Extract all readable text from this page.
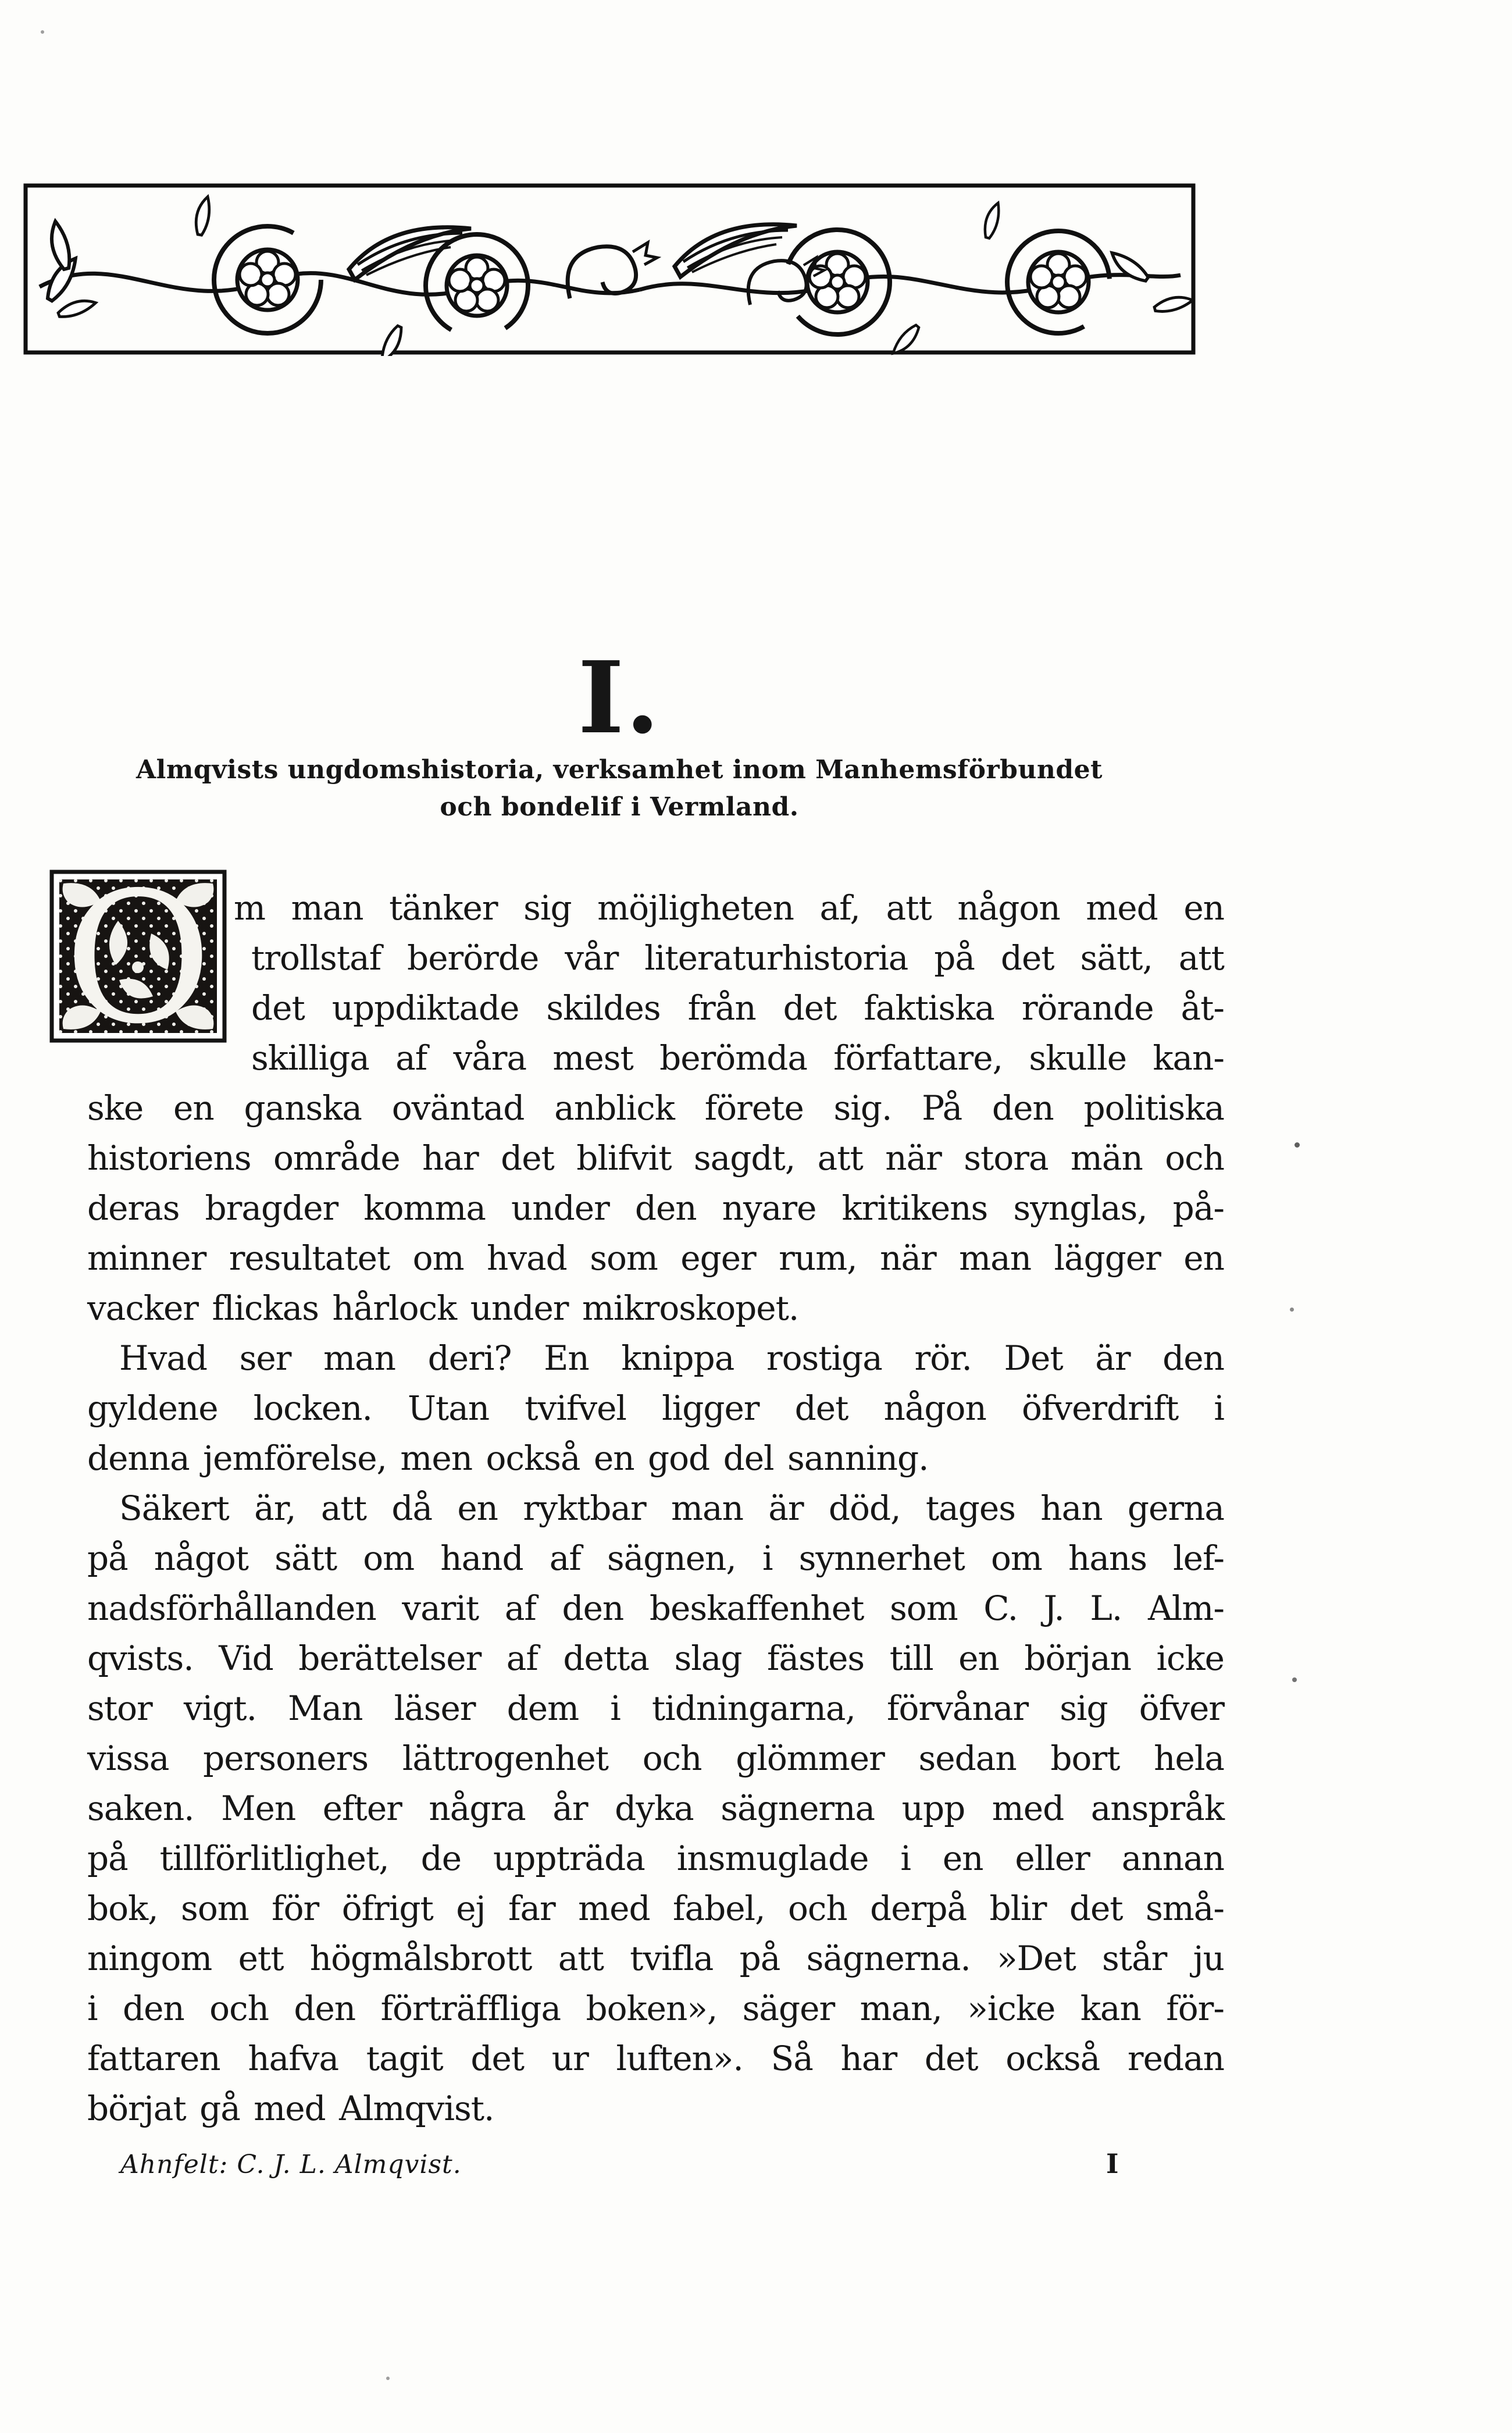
I.
Almqvists ungdomshistoria, verksamhet inom Manhemsförbundet
och bondelif i Vermland.
O m man tänker sig möjligheten af, att någon med en
trollstaf berörde vår literaturhistoria på det sätt, att
det uppdiktade skildes från det faktiska rörande åt-
skilliga af våra mest berömda författare, skulle kan-
ske en ganska oväntad anblick förete sig. På den politiska
historiens område har det blifvit sagdt, att när stora män och
deras bragder komma under den nyare kritikens synglas, på-
minner resultatet om hvad som eger rum, när man lägger en
vacker flickas hårlock under mikroskopet.
Hvad ser man deri? En knippa rostiga rör. Det är den
gyldene locken. Utan tvifvel ligger det någon öfverdrift i
denna jemförelse, men också en god del sanning.
Säkert är, att då en ryktbar man är död, tages han gerna
på något sätt om hand af sägnen, i synnerhet om hans lef-
nadsförhållanden varit af den beskaffenhet som C. J. L. Alm-
qvists. Vid berättelser af detta slag fästes till en början icke
stor vigt. Man läser dem i tidningarna, förvånar sig öfver
vissa personers lättrogenhet och glömmer sedan bort hela
saken. Men efter några år dyka sägnerna upp med anspråk
på tillförlitlighet, de uppträda insmuglade i en eller annan
bok, som för öfrigt ej far med fabel, och derpå blir det små-
ningom ett högmålsbrott att tvifla på sägnerna. »Det står ju
i den och den förträffliga boken», säger man, »icke kan för-
fattaren hafva tagit det ur luften». Så har det också redan
börjat gå med Almqvist.
Ahnfelt: C. J. L. Almqvist.	I
